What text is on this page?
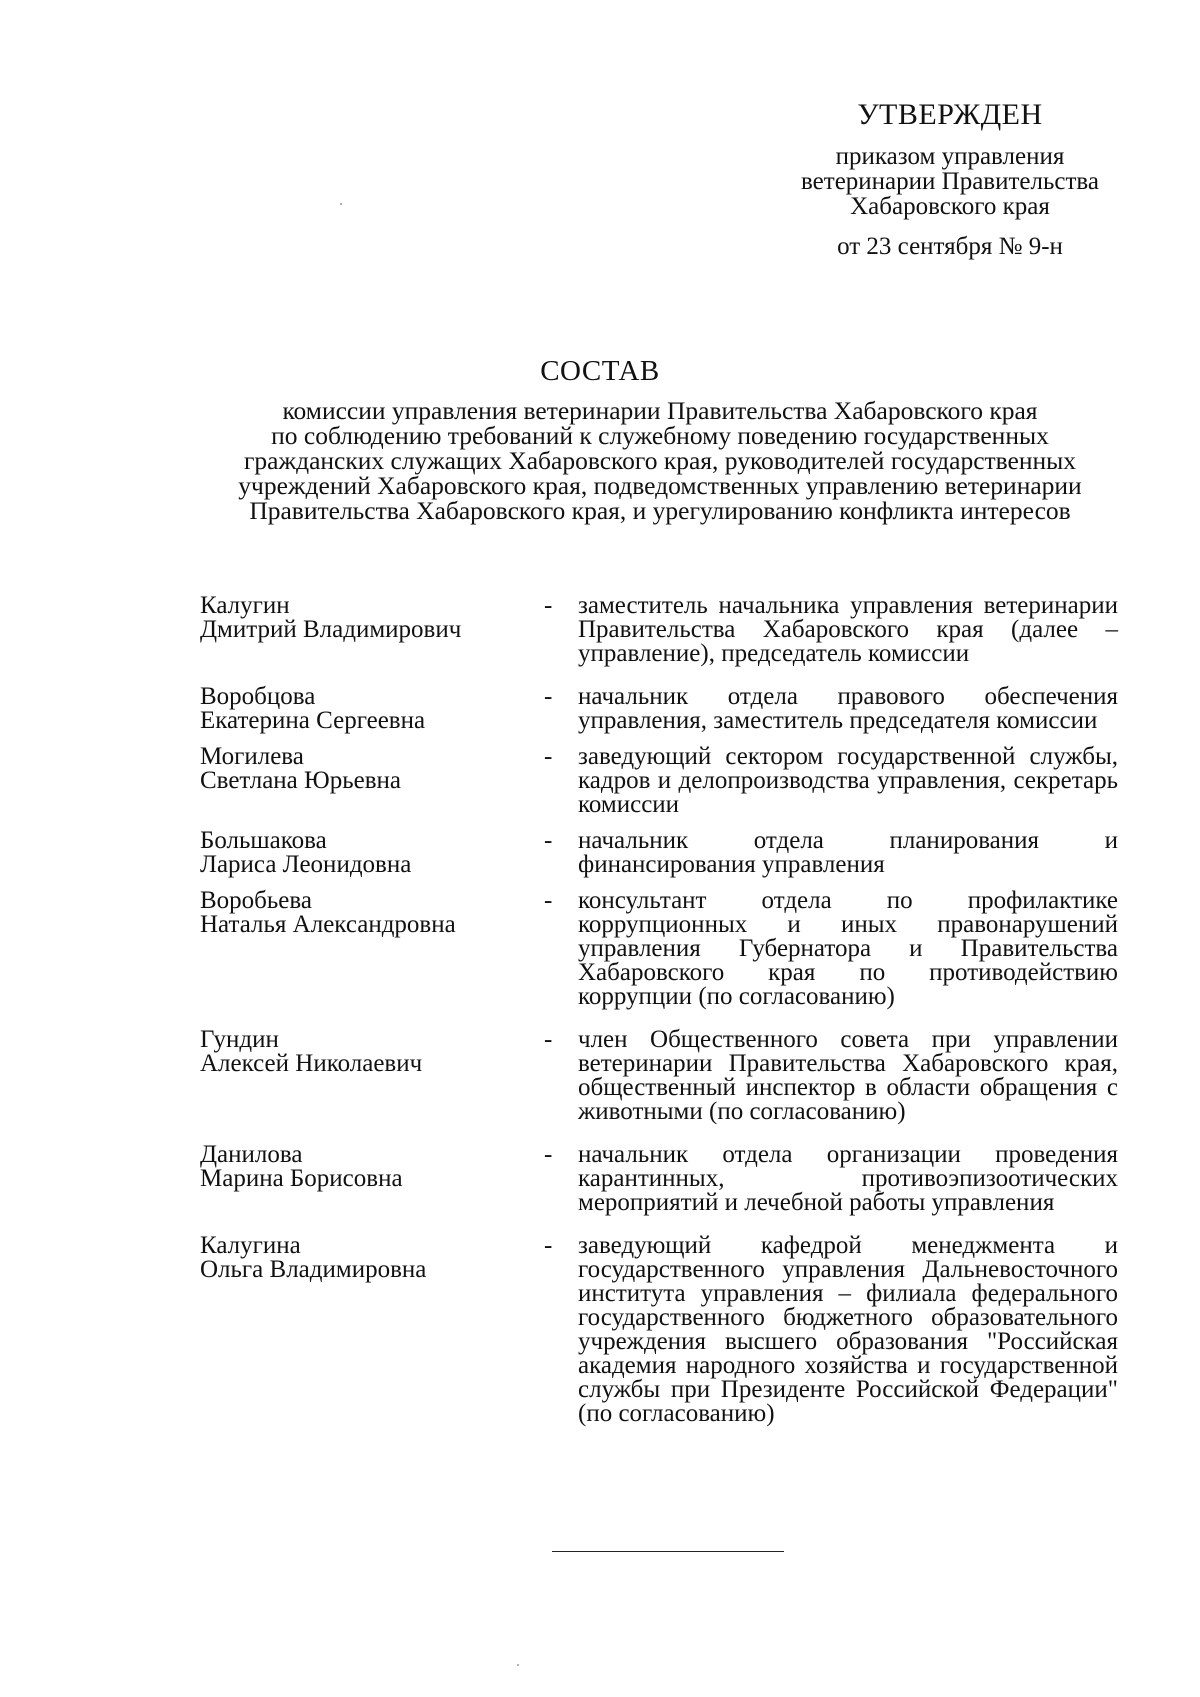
УТВЕРЖДЕН
приказом управления
ветеринарии Правительства
Хабаровского края
от 23 сентября № 9-н
СОСТАВ
комиссии управления ветеринарии Правительства Хабаровского края
по соблюдению требований к служебному поведению государственных
гражданских служащих Хабаровского края, руководителей государственных
учреждений Хабаровского края, подведомственных управлению ветеринарии
Правительства Хабаровского края, и урегулированию конфликта интересов
Калугин
Дмитрий Владимирович
-	заместитель начальника управления ветеринарии Правительства Хабаровского края (далее – управление), председатель комиссии
Воробцова
Екатерина Сергеевна
-	начальник отдела правового обеспечения управления, заместитель председателя комиссии
Могилева
Светлана Юрьевна
-	заведующий сектором государственной службы, кадров и делопроизводства управления, секретарь комиссии
Большакова
Лариса Леонидовна
-	начальник отдела планирования и финансирования управления
Воробьева
Наталья Александровна
-	консультант отдела по профилактике коррупционных и иных правонарушений управления Губернатора и Правительства Хабаровского края по противодействию коррупции (по согласованию)
Гундин
Алексей Николаевич
-	член Общественного совета при управлении ветеринарии Правительства Хабаровского края, общественный инспектор в области обращения с животными (по согласованию)
Данилова
Марина Борисовна
-	начальник отдела организации проведения карантинных, противоэпизоотических мероприятий и лечебной работы управления
Калугина
Ольга Владимировна
-	заведующий кафедрой менеджмента и государственного управления Дальневосточного института управления – филиала федерального государственного бюджетного образовательного учреждения высшего образования "Российская академия народного хозяйства и государственной службы при Президенте Российской Федерации" (по согласованию)
